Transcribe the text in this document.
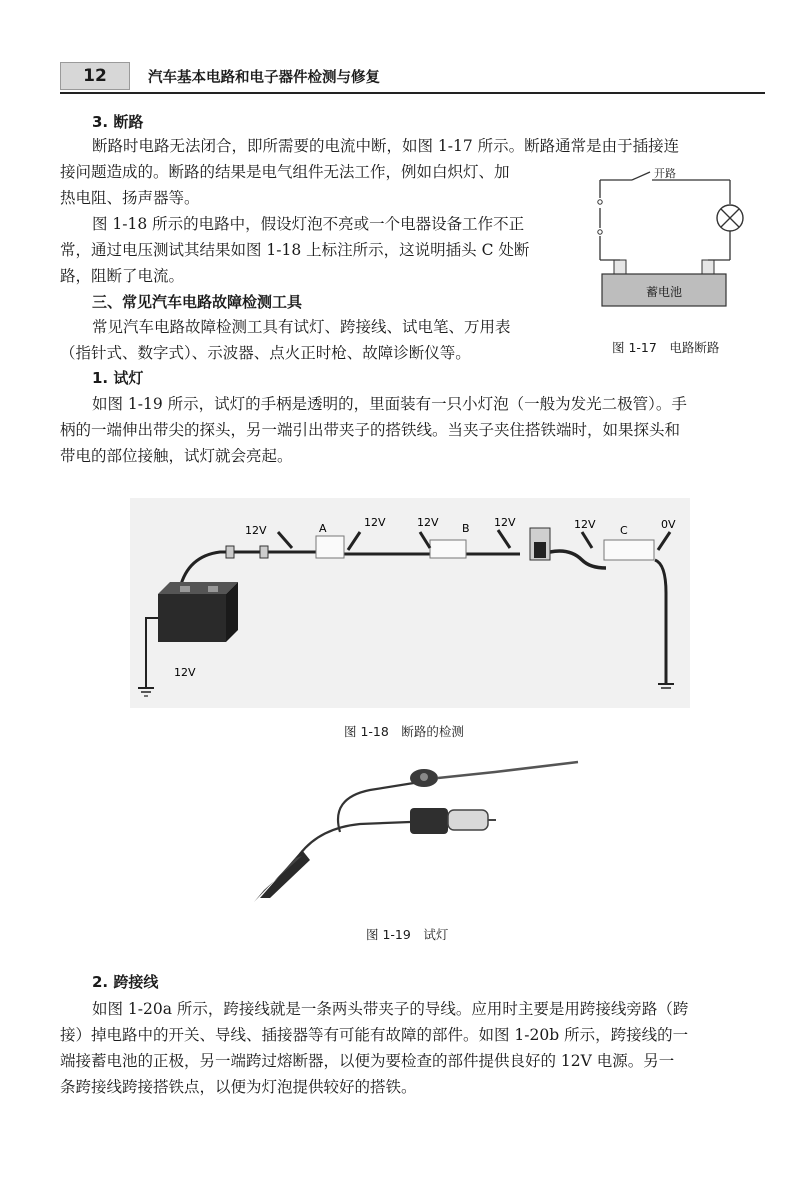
12	汽车基本电路和电子器件检测与修复
3. 断路
断路时电路无法闭合，即所需要的电流中断，如图 1-17 所示。断路通常是由于插接连
接问题造成的。断路的结果是电气组件无法工作，例如白炽灯、加
热电阻、扬声器等。
图 1-18 所示的电路中，假设灯泡不亮或一个电器设备工作不正
常，通过电压测试其结果如图 1-18 上标注所示，这说明插头 C 处断
路，阻断了电流。
三、常见汽车电路故障检测工具
常见汽车电路故障检测工具有试灯、跨接线、试电笔、万用表
（指针式、数字式）、示波器、点火正时枪、故障诊断仪等。
蓄电池
开路
图 1-17　电路断路
1. 试灯
如图 1-19 所示，试灯的手柄是透明的，里面装有一只小灯泡（一般为发光二极管）。手
柄的一端伸出带尖的探头，另一端引出带夹子的搭铁线。当夹子夹住搭铁端时，如果探头和
带电的部位接触，试灯就会亮起。
12V
12V	12V	12V	12V	0V
A	B	C
12V
图 1-18　断路的检测
图 1-19　试灯
2. 跨接线
如图 1-20a 所示，跨接线就是一条两头带夹子的导线。应用时主要是用跨接线旁路（跨
接）掉电路中的开关、导线、插接器等有可能有故障的部件。如图 1-20b 所示，跨接线的一
端接蓄电池的正极，另一端跨过熔断器，以便为要检查的部件提供良好的 12V 电源。另一
条跨接线跨接搭铁点，以便为灯泡提供较好的搭铁。
